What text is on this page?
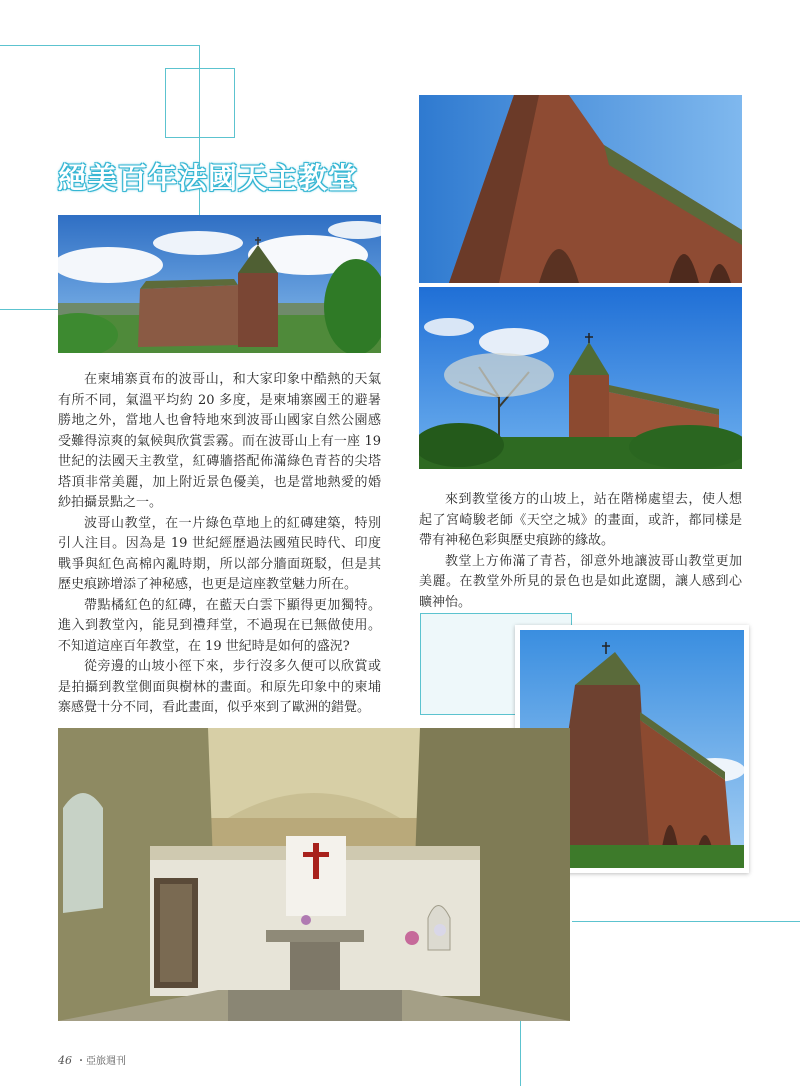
絕美百年法國天主教堂

在柬埔寨貢布的波哥山，和大家印象中酷熱的天氣有所不同，氣溫平均約 20 多度，是柬埔寨國王的避暑勝地之外，當地人也會特地來到波哥山國家自然公園感受難得涼爽的氣候與欣賞雲霧。而在波哥山上有一座 19 世紀的法國天主教堂，紅磚牆搭配佈滿綠色青苔的尖塔塔頂非常美麗，加上附近景色優美，也是當地熱愛的婚紗拍攝景點之一。

波哥山教堂，在一片綠色草地上的紅磚建築，特別引人注目。因為是 19 世紀經歷過法國殖民時代、印度戰爭與紅色高棉內亂時期，所以部分牆面斑駁，但是其歷史痕跡增添了神秘感，也更是這座教堂魅力所在。

帶點橘紅色的紅磚，在藍天白雲下顯得更加獨特。進入到教堂內，能見到禮拜堂，不過現在已無做使用。不知道這座百年教堂，在 19 世紀時是如何的盛況?

從旁邊的山坡小徑下來，步行沒多久便可以欣賞或是拍攝到教堂側面與樹林的畫面。和原先印象中的柬埔寨感覺十分不同，看此畫面，似乎來到了歐洲的錯覺。

來到教堂後方的山坡上，站在階梯處望去，使人想起了宮崎駿老師《天空之城》的畫面，或許，都同樣是帶有神秘色彩與歷史痕跡的緣故。

教堂上方佈滿了青苔，卻意外地讓波哥山教堂更加美麗。在教堂外所見的景色也是如此遼闊，讓人感到心曠神怡。

46 ・亞旅週刊
